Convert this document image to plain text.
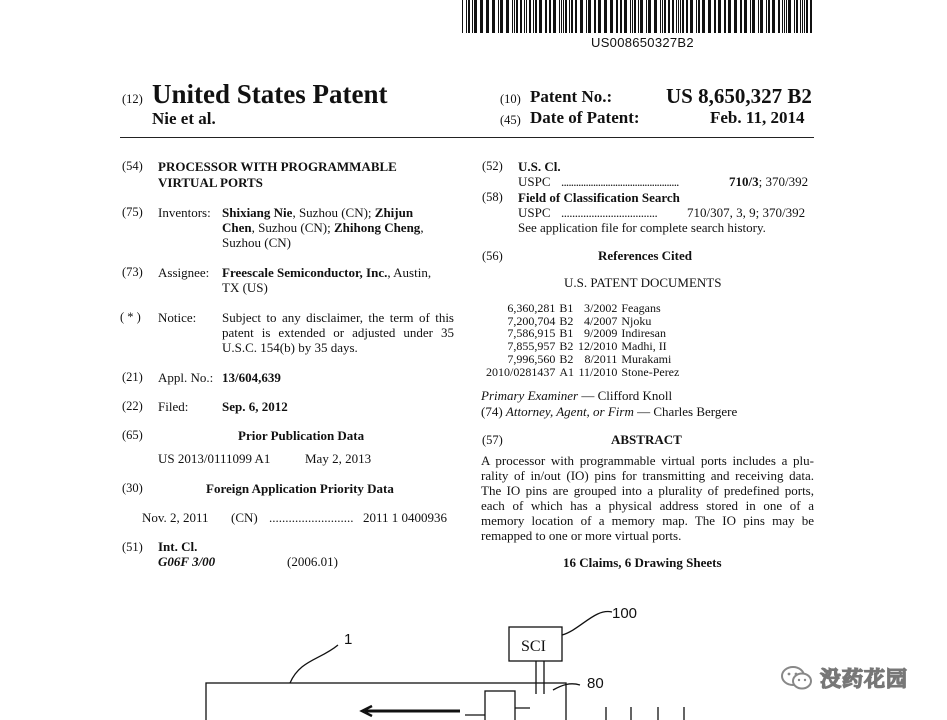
US008650327B2
(12) United States Patent
Nie et al.
(10) Patent No.:	US 8,650,327 B2
(45) Date of Patent:	Feb. 11, 2014
(54) PROCESSOR WITH PROGRAMMABLE
VIRTUAL PORTS
(75) Inventors: Shixiang Nie, Suzhou (CN); Zhijun
Chen, Suzhou (CN); Zhihong Cheng,
Suzhou (CN)
(73) Assignee: Freescale Semiconductor, Inc., Austin,
TX (US)
( * ) Notice: Subject to any disclaimer, the term of this
patent is extended or adjusted under 35
U.S.C. 154(b) by 35 days.
(21) Appl. No.: 13/604,639
(22) Filed:	Sep. 6, 2012
(65)	Prior Publication Data
US 2013/0111099 A1	May 2, 2013
(30)	Foreign Application Priority Data
Nov. 2, 2011 (CN) .......................... 2011 1 0400936
(51) Int. Cl.
G06F 3/00	(2006.01)
(52) U.S. Cl.
USPC ................................................	710/3; 370/392
(58) Field of Classification Search
USPC ................................... 710/307, 3, 9; 370/392
See application file for complete search history.
(56)	References Cited
U.S. PATENT DOCUMENTS
6,360,281	B1	3/2002	Feagans
7,200,704	B2	4/2007	Njoku
7,586,915	B1	9/2009	Indiresan
7,855,957	B2	12/2010	Madhi, II
7,996,560	B2	8/2011	Murakami
2010/0281437	A1	11/2010	Stone-Perez
Primary Examiner — Clifford Knoll
(74) Attorney, Agent, or Firm — Charles Bergere
(57)	ABSTRACT
A processor with programmable virtual ports includes a plu-
rality of in/out (IO) pins for transmitting and receiving data.
The IO pins are grouped into a plurality of predefined ports,
each of which has a physical address stored in one of a
memory location of a memory map. The IO pins may be
remapped to one or more virtual ports.
16 Claims, 6 Drawing Sheets
100
1	SCI
80	没药花园
